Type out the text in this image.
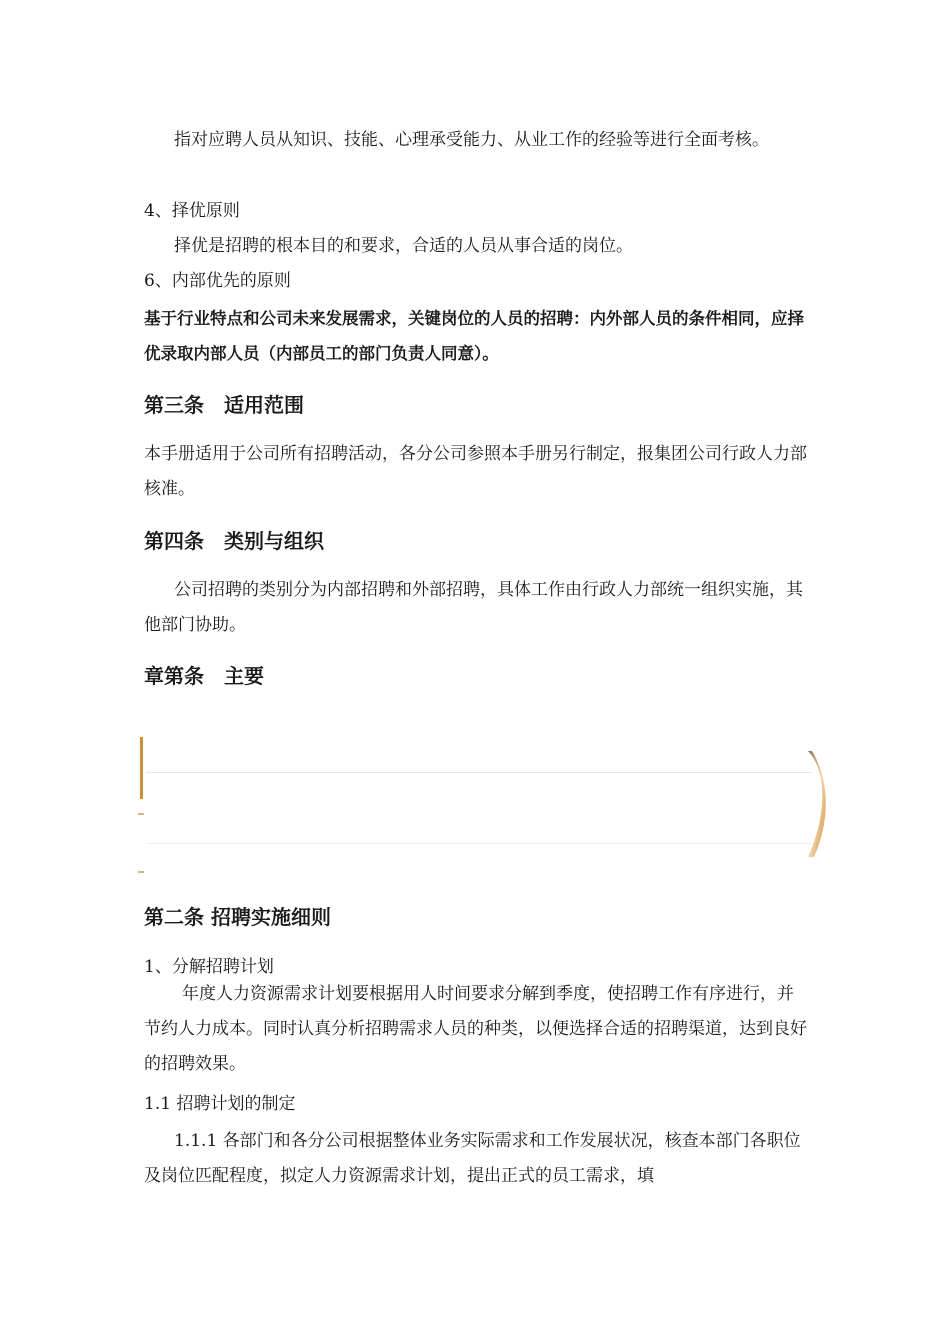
指对应聘人员从知识、技能、心理承受能力、从业工作的经验等进行全面考核。

4、择优原则

择优是招聘的根本目的和要求，合适的人员从事合适的岗位。

6、内部优先的原则

基于行业特点和公司未来发展需求，关键岗位的人员的招聘：内外部人员的条件相同，应择优录取内部人员（内部员工的部门负责人同意）。

第三条　适用范围

本手册适用于公司所有招聘活动，各分公司参照本手册另行制定，报集团公司行政人力部核准。

第四条　类别与组织

公司招聘的类别分为内部招聘和外部招聘，具体工作由行政人力部统一组织实施，其他部门协助。

章第条　主要

第二条 招聘实施细则

1、分解招聘计划

年度人力资源需求计划要根据用人时间要求分解到季度，使招聘工作有序进行，并节约人力成本。同时认真分析招聘需求人员的种类，以便选择合适的招聘渠道，达到良好的招聘效果。

1.1 招聘计划的制定

1.1.1 各部门和各分公司根据整体业务实际需求和工作发展状况，核查本部门各职位及岗位匹配程度，拟定人力资源需求计划，提出正式的员工需求，填
